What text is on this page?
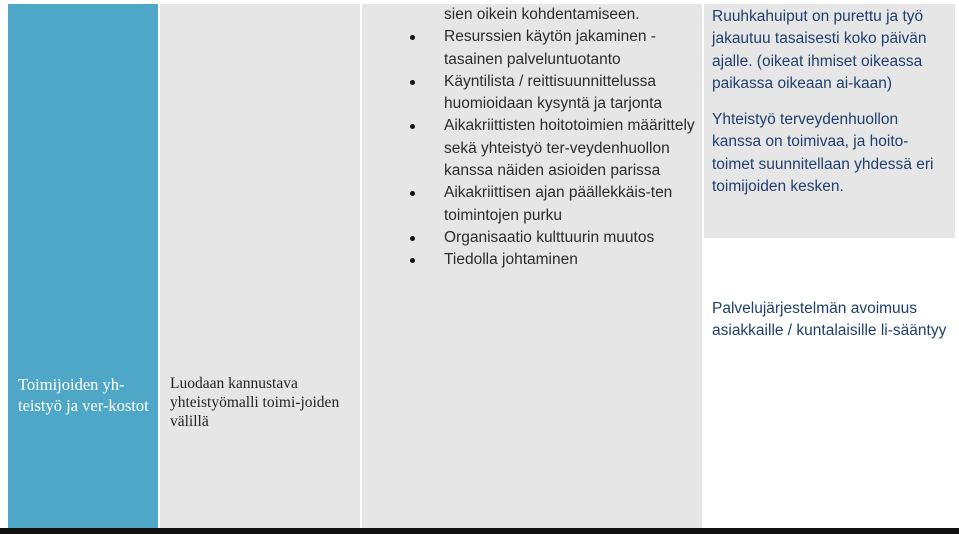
Toimijoiden yh-teistyö ja ver-kostot
Luodaan kannustava yhteistyömalli toimi-joiden välillä
sien oikein kohdentamiseen.
Resurssien käytön jakaminen - tasainen palveluntuotanto
Käyntilista / reittisuunnittelussa huomioidaan kysyntä ja tarjonta
Aikakriittisten hoitotoimien määrittely sekä yhteistyö ter-veydenhuollon kanssa näiden asioiden parissa
Aikakriittisen ajan päällekkäis-ten toimintojen purku
Organisaatio kulttuurin muutos
Tiedolla johtaminen

Ruuhkahuiput on purettu ja työ jakautuu tasaisesti koko päivän ajalle. (oikeat ihmiset oikeassa paikassa oikeaan ai-kaan)

Yhteistyö terveydenhuollon kanssa on toimivaa, ja hoito-toimet suunnitellaan yhdessä eri toimijoiden kesken.

Palvelujärjestelmän avoimuus asiakkaille / kuntalaisille li-sääntyy
